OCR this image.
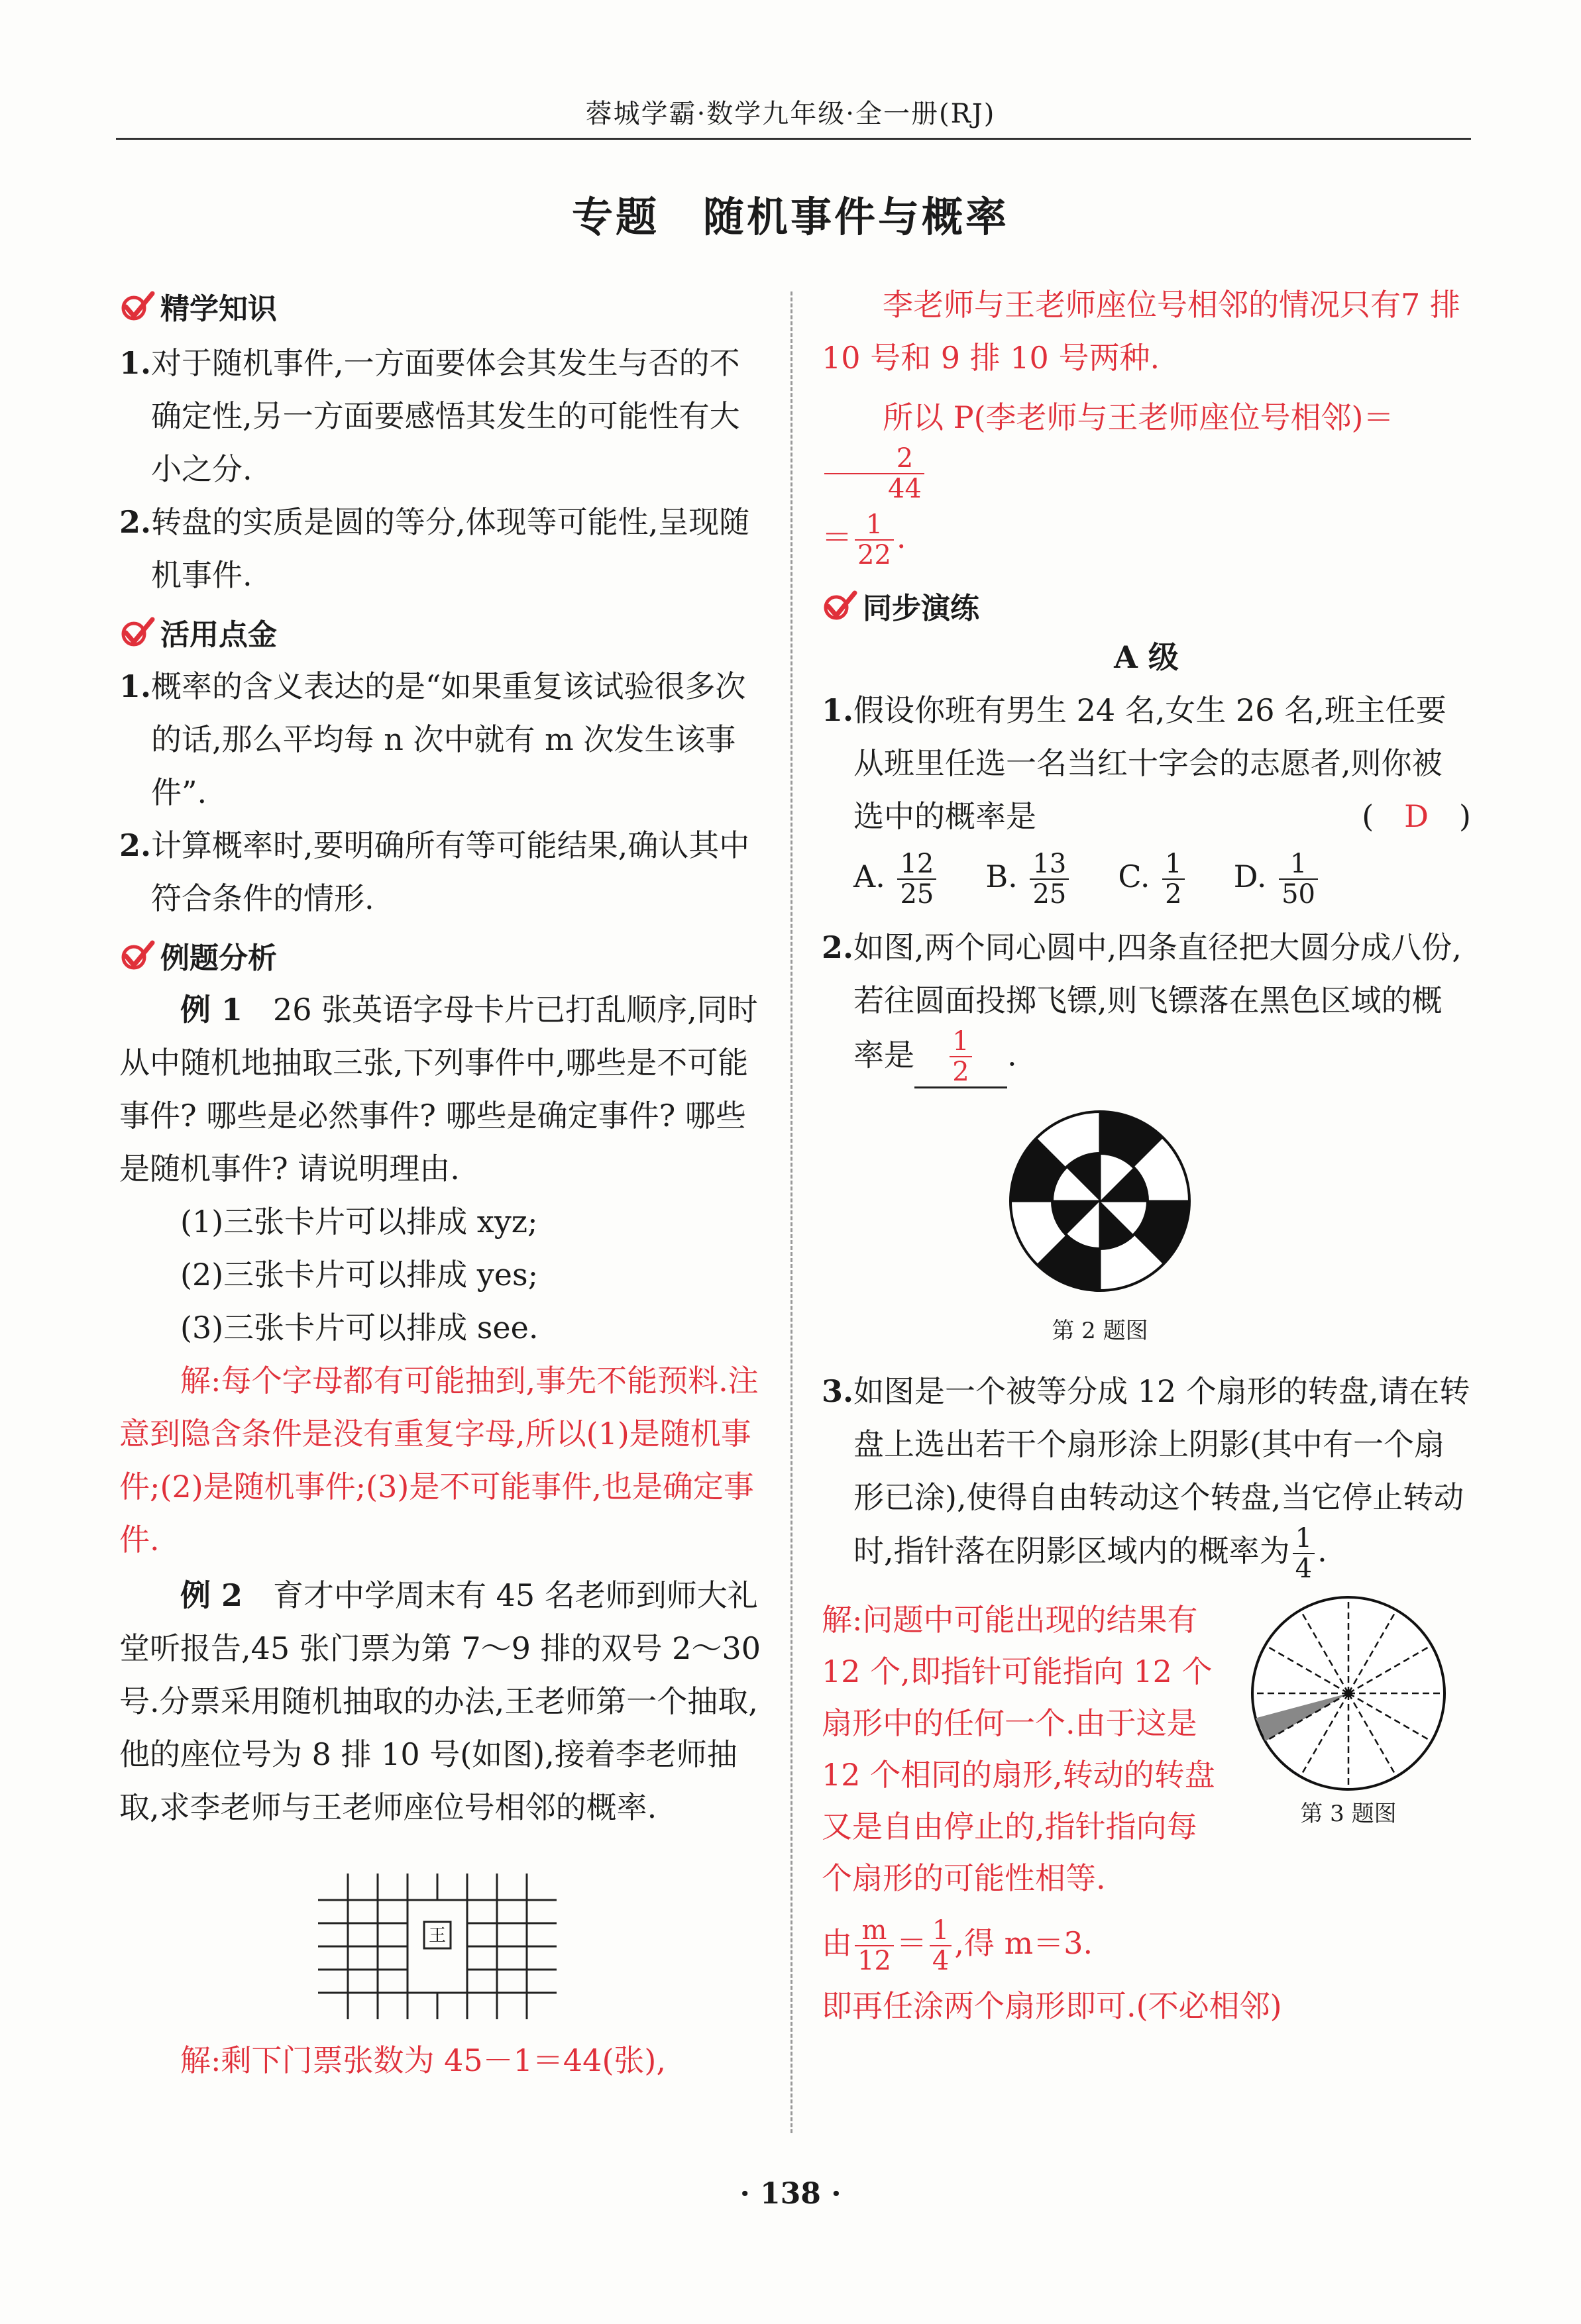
蓉城学霸·数学九年级·全一册(RJ)
专题　随机事件与概率
精学知识
1. 对于随机事件,一方面要体会其发生与否的不确定性,另一方面要感悟其发生的可能性有大小之分.
2. 转盘的实质是圆的等分,体现等可能性,呈现随机事件.
活用点金
1. 概率的含义表达的是“如果重复该试验很多次的话,那么平均每 n 次中就有 m 次发生该事件”.
2. 计算概率时,要明确所有等可能结果,确认其中符合条件的情形.
例题分析
例 1　 26 张英语字母卡片已打乱顺序,同时从中随机地抽取三张,下列事件中,哪些是不可能事件? 哪些是必然事件? 哪些是确定事件? 哪些是随机事件? 请说明理由.
(1)三张卡片可以排成 xyz;
(2)三张卡片可以排成 yes;
(3)三张卡片可以排成 see.
解:每个字母都有可能抽到,事先不能预料.注意到隐含条件是没有重复字母,所以(1)是随机事件;(2)是随机事件;(3)是不可能事件,也是确定事件.
例 2　 育才中学周末有 45 名老师到师大礼堂听报告,45 张门票为第 7～9 排的双号 2～30 号.分票采用随机抽取的办法,王老师第一个抽取,他的座位号为 8 排 10 号(如图),接着李老师抽取,求李老师与王老师座位号相邻的概率.
王
解:剩下门票张数为 45－1＝44(张),
李老师与王老师座位号相邻的情况只有7 排 10 号和 9 排 10 号两种.
所以 P(李老师与王老师座位号相邻)＝
$\frac{2}{44}$
＝ $\frac{1}{22}$ .
同步演练
A 级
1. 假设你班有男生 24 名,女生 26 名,班主任要从班里任选一名当红十字会的志愿者,则你被选中的概率是	(　 D　 )
A. $\frac{12}{25} B$. $\frac{13}{25} C$. $\frac{1}{2} D$. $\frac{1}{50}$
2. 如图,两个同心圆中,四条直径把大圆分成八份,若往圆面投掷飞镖,则飞镖落在黑色区域的概率是 $\frac{1}{2}$ .
第 2 题图
3. 如图是一个被等分成 12 个扇形的转盘,请在转盘上选出若干个扇形涂上阴影(其中有一个扇形已涂),使得自由转动这个转盘,当它停止转动时,指针落在阴影区域内的概率为 $\frac{1}{4}$ .
解:问题中可能出现的结果有 12 个,即指针可能指向 12 个扇形中的任何一个.由于这是 12 个相同的扇形,转动的转盘又是自由停止的,指针指向每个扇形的可能性相等.
第 3 题图
由 $\frac{m}{12} = \frac{1}{4}$ ,得 m＝3.
即再任涂两个扇形即可.(不必相邻)
· 138 ·
